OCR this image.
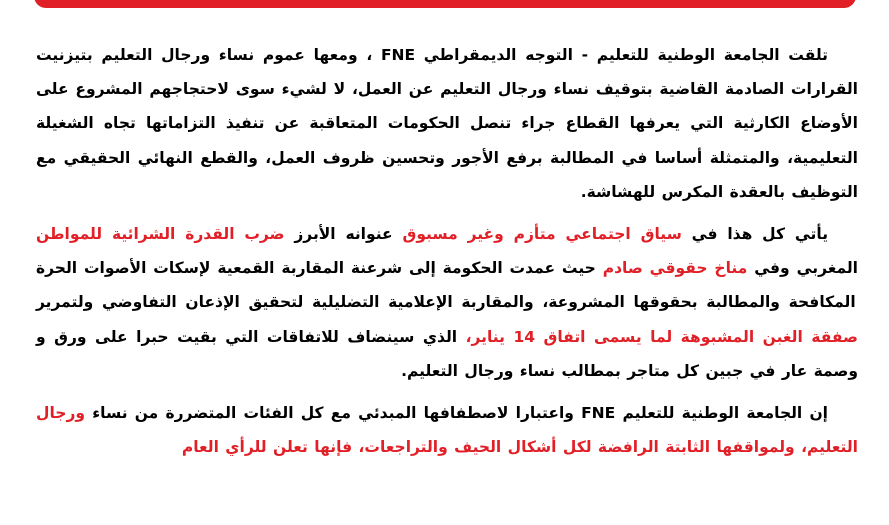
تلقت الجامعة الوطنية للتعليم - التوجه الديمقراطي FNE ، ومعها عموم نساء ورجال التعليم بتيزنيت القرارات الصادمة القاضية بتوقيف نساء ورجال التعليم عن العمل، لا لشيء سوى لاحتجاجهم المشروع على الأوضاع الكارثية التي يعرفها القطاع جراء تنصل الحكومات المتعاقبة عن تنفيذ التزاماتها تجاه الشغيلة التعليمية، والمتمثلة أساسا في المطالبة برفع الأجور وتحسين ظروف العمل، والقطع النهائي الحقيقي مع التوظيف بالعقدة المكرس للهشاشة.

يأتي كل هذا في سياق اجتماعي متأزم وغير مسبوق عنوانه الأبرز ضرب القدرة الشرائية للمواطن المغربي وفي مناخ حقوقي صادم حيث عمدت الحكومة إلى شرعنة المقاربة القمعية لإسكات الأصوات الحرة المكافحة والمطالبة بحقوقها المشروعة، والمقاربة الإعلامية التضليلية لتحقيق الإذعان التفاوضي ولتمرير صفقة الغبن المشبوهة لما يسمى اتفاق 14 يناير، الذي سينضاف للاتفاقات التي بقيت حبرا على ورق و وصمة عار في جبين كل متاجر بمطالب نساء ورجال التعليم.

إن الجامعة الوطنية للتعليم FNE واعتبارا لاصطفافها المبدئي مع كل الفئات المتضررة من نساء ورجال التعليم، ولمواقفها الثابتة الرافضة لكل أشكال الحيف والتراجعات، فإنها تعلن للرأي العام
